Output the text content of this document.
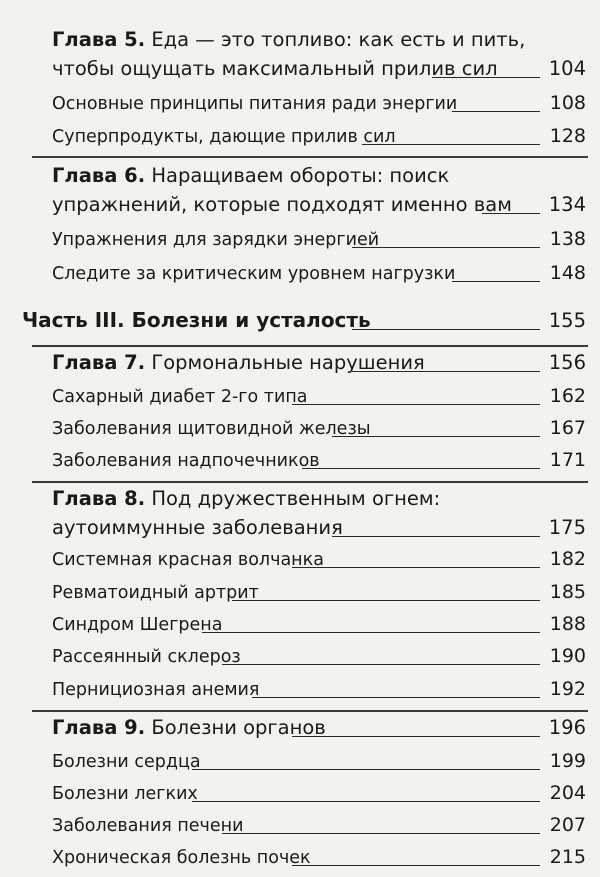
Глава 5. Еда — это топливо: как есть и пить,
чтобы ощущать максимальный прилив сил	104
Основные принципы питания ради энергии	108
Суперпродукты, дающие прилив сил	128
Глава 6. Наращиваем обороты: поиск
упражнений, которые подходят именно вам	134
Упражнения для зарядки энергией	138
Следите за критическим уровнем нагрузки	148
Часть III. Болезни и усталость	155
Глава 7. Гормональные нарушения	156
Сахарный диабет 2-го типа	162
Заболевания щитовидной железы	167
Заболевания надпочечников	171
Глава 8. Под дружественным огнем:
аутоиммунные заболевания	175
Системная красная волчанка	182
Ревматоидный артрит	185
Синдром Шегрена	188
Рассеянный склероз	190
Пернициозная анемия	192
Глава 9. Болезни органов	196
Болезни сердца	199
Болезни легких	204
Заболевания печени	207
Хроническая болезнь почек	215
